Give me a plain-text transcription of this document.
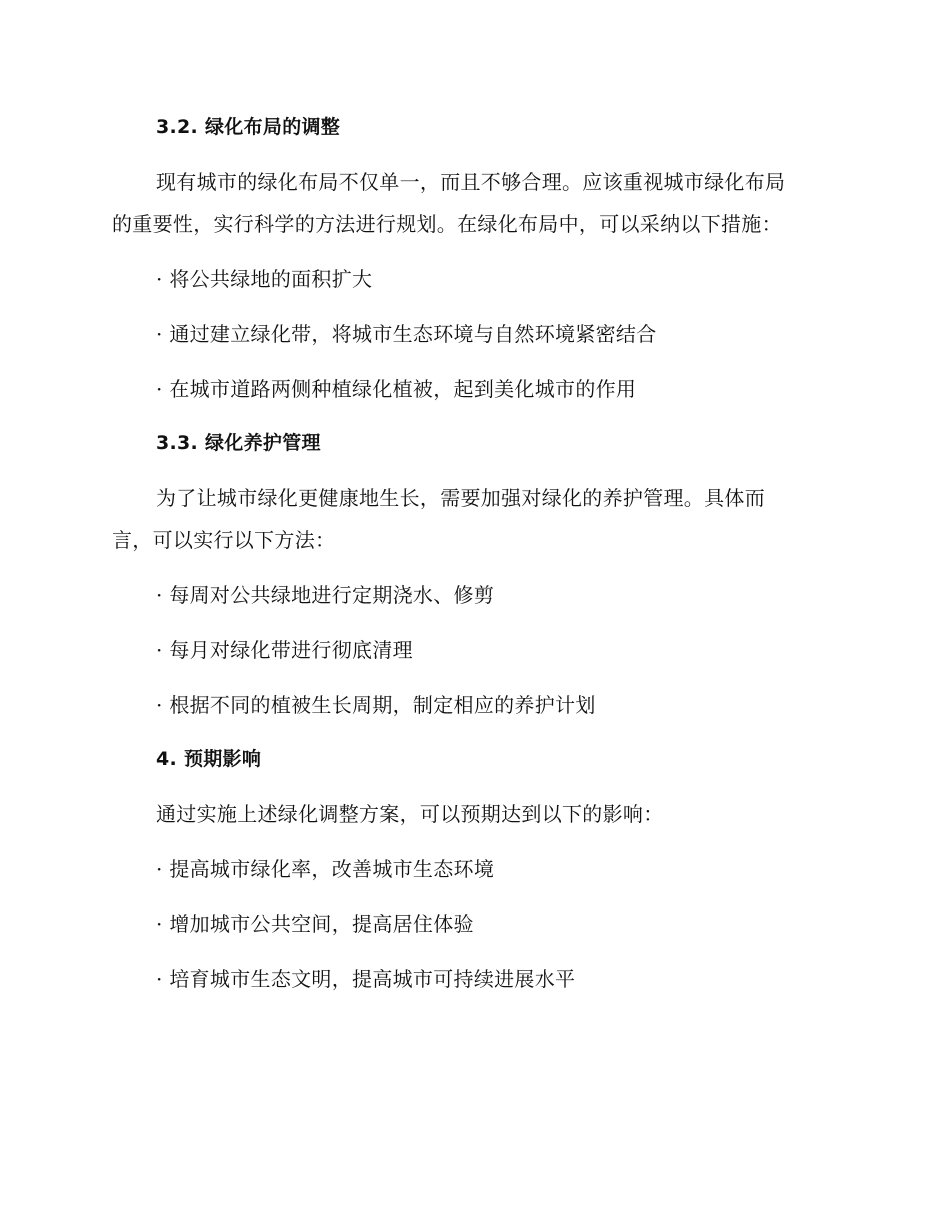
3.2. 绿化布局的调整
现有城市的绿化布局不仅单一，而且不够合理。应该重视城市绿化布局
的重要性，实行科学的方法进行规划。在绿化布局中，可以采纳以下措施：
· 将公共绿地的面积扩大
· 通过建立绿化带，将城市生态环境与自然环境紧密结合
· 在城市道路两侧种植绿化植被，起到美化城市的作用
3.3. 绿化养护管理
为了让城市绿化更健康地生长，需要加强对绿化的养护管理。具体而
言，可以实行以下方法：
· 每周对公共绿地进行定期浇水、修剪
· 每月对绿化带进行彻底清理
· 根据不同的植被生长周期，制定相应的养护计划
4. 预期影响
通过实施上述绿化调整方案，可以预期达到以下的影响：
· 提高城市绿化率，改善城市生态环境
· 增加城市公共空间，提高居住体验
· 培育城市生态文明，提高城市可持续进展水平
